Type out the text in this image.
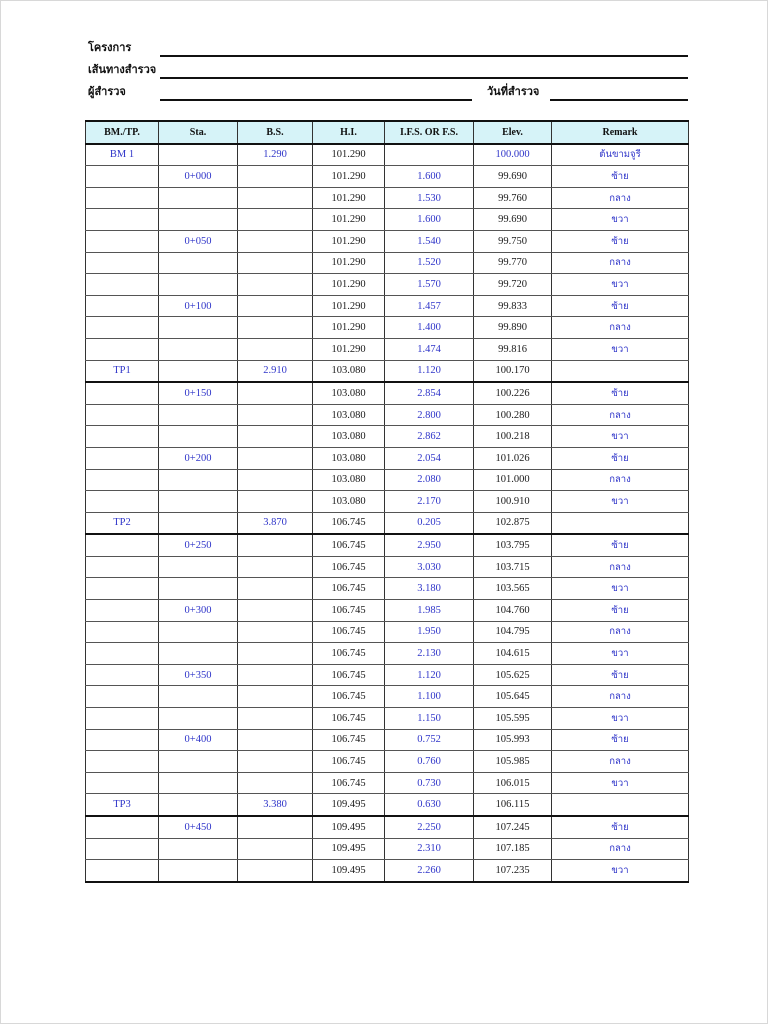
โครงการ
เส้นทางสำรวจ
ผู้สำรวจ	วันที่สำรวจ
BM./TP.	Sta.	B.S.	H.I.	I.F.S. OR F.S.	Elev.	Remark
BM 1		1.290	101.290		100.000	ต้นขามจูรี
	0+000		101.290	1.600	99.690	ซ้าย
			101.290	1.530	99.760	กลาง
			101.290	1.600	99.690	ขวา
	0+050		101.290	1.540	99.750	ซ้าย
			101.290	1.520	99.770	กลาง
			101.290	1.570	99.720	ขวา
	0+100		101.290	1.457	99.833	ซ้าย
			101.290	1.400	99.890	กลาง
			101.290	1.474	99.816	ขวา
TP1		2.910	103.080	1.120	100.170	
	0+150		103.080	2.854	100.226	ซ้าย
			103.080	2.800	100.280	กลาง
			103.080	2.862	100.218	ขวา
	0+200		103.080	2.054	101.026	ซ้าย
			103.080	2.080	101.000	กลาง
			103.080	2.170	100.910	ขวา
TP2		3.870	106.745	0.205	102.875	
	0+250		106.745	2.950	103.795	ซ้าย
			106.745	3.030	103.715	กลาง
			106.745	3.180	103.565	ขวา
	0+300		106.745	1.985	104.760	ซ้าย
			106.745	1.950	104.795	กลาง
			106.745	2.130	104.615	ขวา
	0+350		106.745	1.120	105.625	ซ้าย
			106.745	1.100	105.645	กลาง
			106.745	1.150	105.595	ขวา
	0+400		106.745	0.752	105.993	ซ้าย
			106.745	0.760	105.985	กลาง
			106.745	0.730	106.015	ขวา
TP3		3.380	109.495	0.630	106.115	
	0+450		109.495	2.250	107.245	ซ้าย
			109.495	2.310	107.185	กลาง
			109.495	2.260	107.235	ขวา
